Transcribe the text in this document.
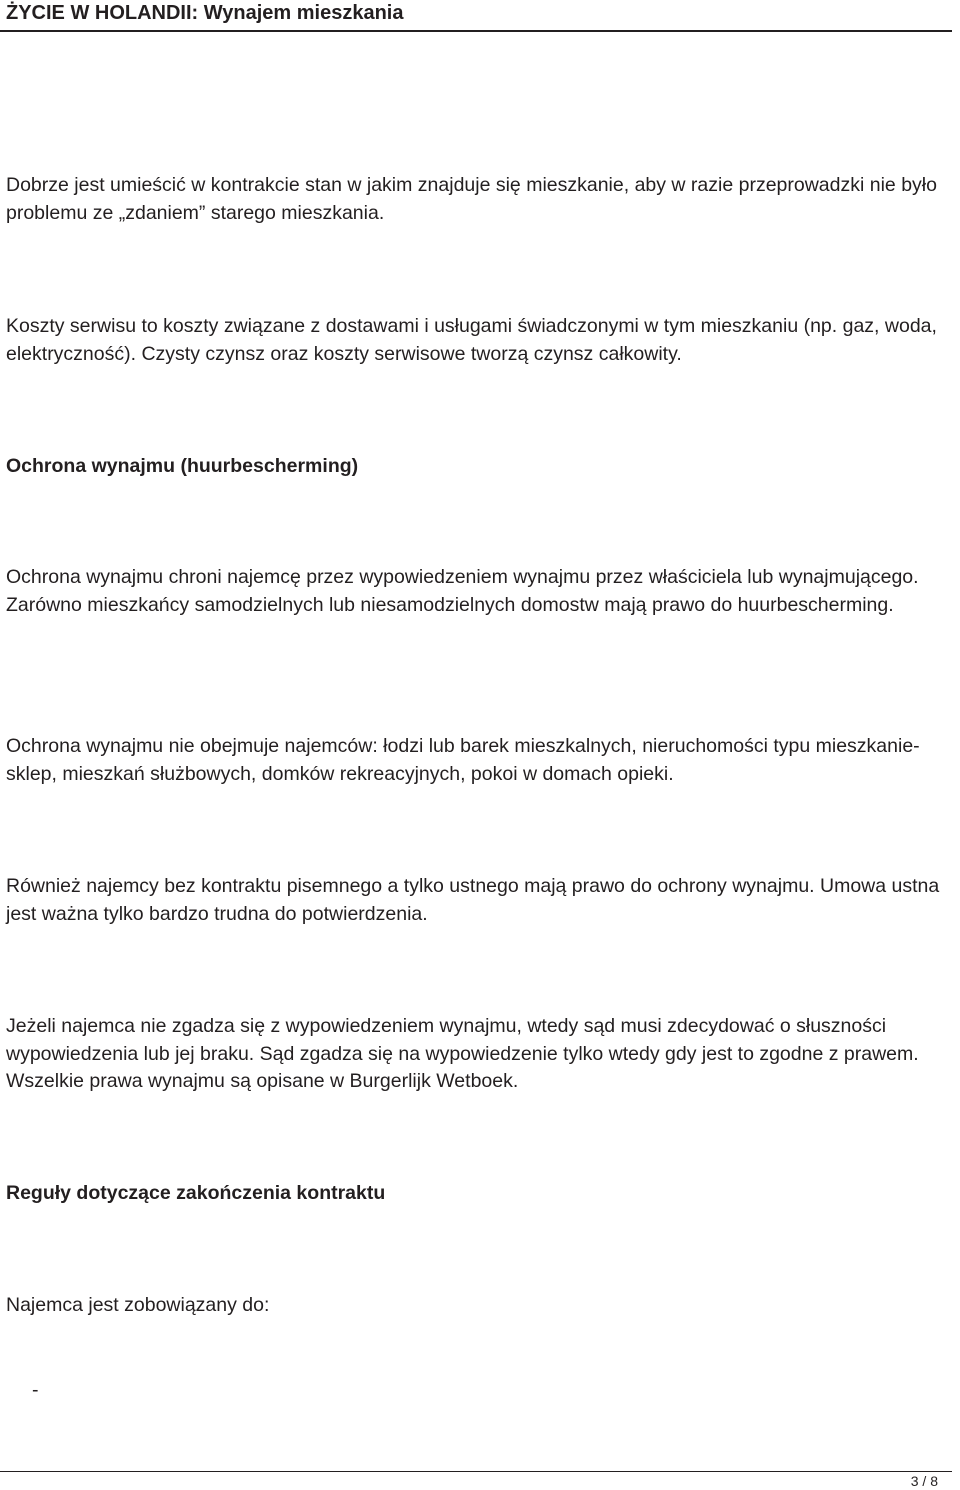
ŻYCIE W HOLANDII: Wynajem mieszkania

Dobrze jest umieścić w kontrakcie stan w jakim znajduje się mieszkanie, aby w razie przeprowadzki nie było problemu ze „zdaniem” starego mieszkania.

Koszty serwisu to koszty związane z dostawami i usługami świadczonymi w tym mieszkaniu (np. gaz, woda, elektryczność). Czysty czynsz oraz koszty serwisowe tworzą czynsz całkowity.

Ochrona wynajmu (huurbescherming)

Ochrona wynajmu chroni najemcę przez wypowiedzeniem wynajmu przez właściciela lub wynajmującego. Zarówno mieszkańcy samodzielnych lub niesamodzielnych domostw mają prawo do huurbescherming.

Ochrona wynajmu nie obejmuje najemców: łodzi lub barek mieszkalnych, nieruchomości typu mieszkanie-sklep, mieszkań służbowych, domków rekreacyjnych, pokoi w domach opieki.

Również najemcy bez kontraktu pisemnego a tylko ustnego mają prawo do ochrony wynajmu. Umowa ustna jest ważna tylko bardzo trudna do potwierdzenia.

Jeżeli najemca nie zgadza się z wypowiedzeniem wynajmu, wtedy sąd musi zdecydować o słuszności wypowiedzenia lub jej braku. Sąd zgadza się na wypowiedzenie tylko wtedy gdy jest to zgodne z prawem. Wszelkie prawa wynajmu są opisane w Burgerlijk Wetboek.

Reguły dotyczące zakończenia kontraktu

Najemca jest zobowiązany do:

-
3 / 8
